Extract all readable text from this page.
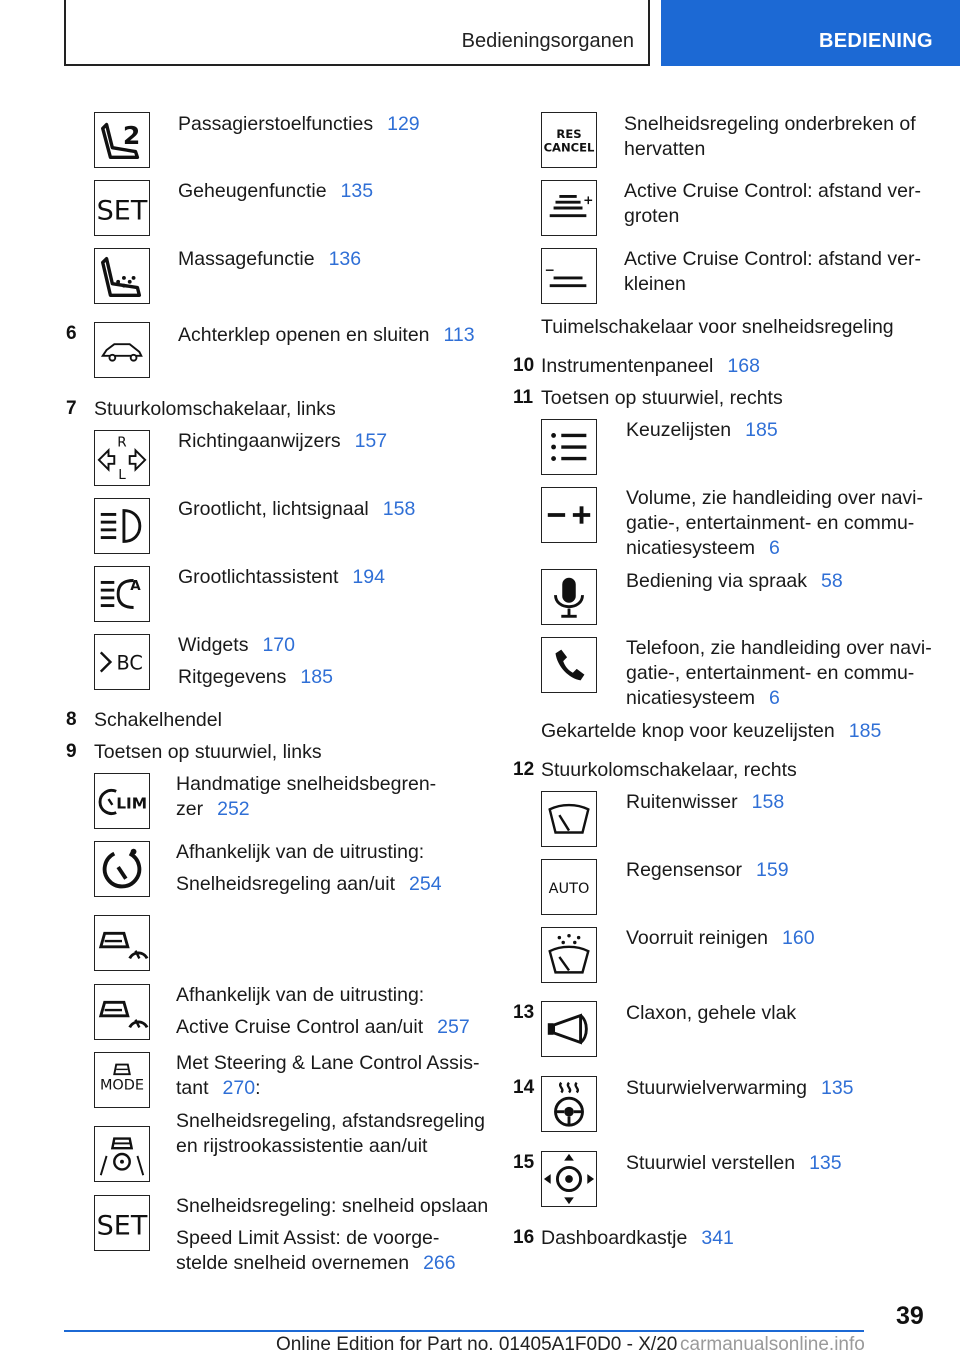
Bedieningsorganen	BEDIENING
2 Passagierstoelfuncties 129
SET
Geheugenfunctie 135
Massagefunctie 136
6	Achterklep openen en sluiten 113
7 Stuurkolomschakelaar, links
R
L
Richtingaanwijzers 157
Grootlicht, lichtsignaal 158
A Grootlichtassistent 194
BC
Widgets 170
Ritgegevens 185
8 Schakelhendel
9 Toetsen op stuurwiel, links
LIM
Handmatige snelheidsbegren-
zer 252
Afhankelijk van de uitrusting:
Snelheidsregeling aan/uit 254
Afhankelijk van de uitrusting:
Active Cruise Control aan/uit 257
MODE
Met Steering & Lane Control Assis-
tant 270:
Snelheidsregeling, afstandsregeling
en rijstrookassistentie aan/uit
SET
Snelheidsregeling: snelheid opslaan
Speed Limit Assist: de voorge-
stelde snelheid overnemen 266
RES
CANCEL
Snelheidsregeling onderbreken of
hervatten
Active Cruise Control: afstand ver-
groten
Active Cruise Control: afstand ver-
kleinen
Tuimelschakelaar voor snelheidsregeling
10 Instrumentenpaneel 168
11 Toetsen op stuurwiel, rechts
Keuzelijsten 185
Volume, zie handleiding over navi-
gatie-, entertainment- en commu-
nicatiesysteem 6
Bediening via spraak 58
Telefoon, zie handleiding over navi-
gatie-, entertainment- en commu-
nicatiesysteem 6
Gekartelde knop voor keuzelijsten 185
12 Stuurkolomschakelaar, rechts
Ruitenwisser 158
AUTO
Regensensor 159
Voorruit reinigen 160
13	Claxon, gehele vlak
14	Stuurwielverwarming 135
15	Stuurwiel verstellen 135
16 Dashboardkastje 341
39
Online Edition for Part no. 01405A1F0D0 - X/20 carmanualsonline.info
